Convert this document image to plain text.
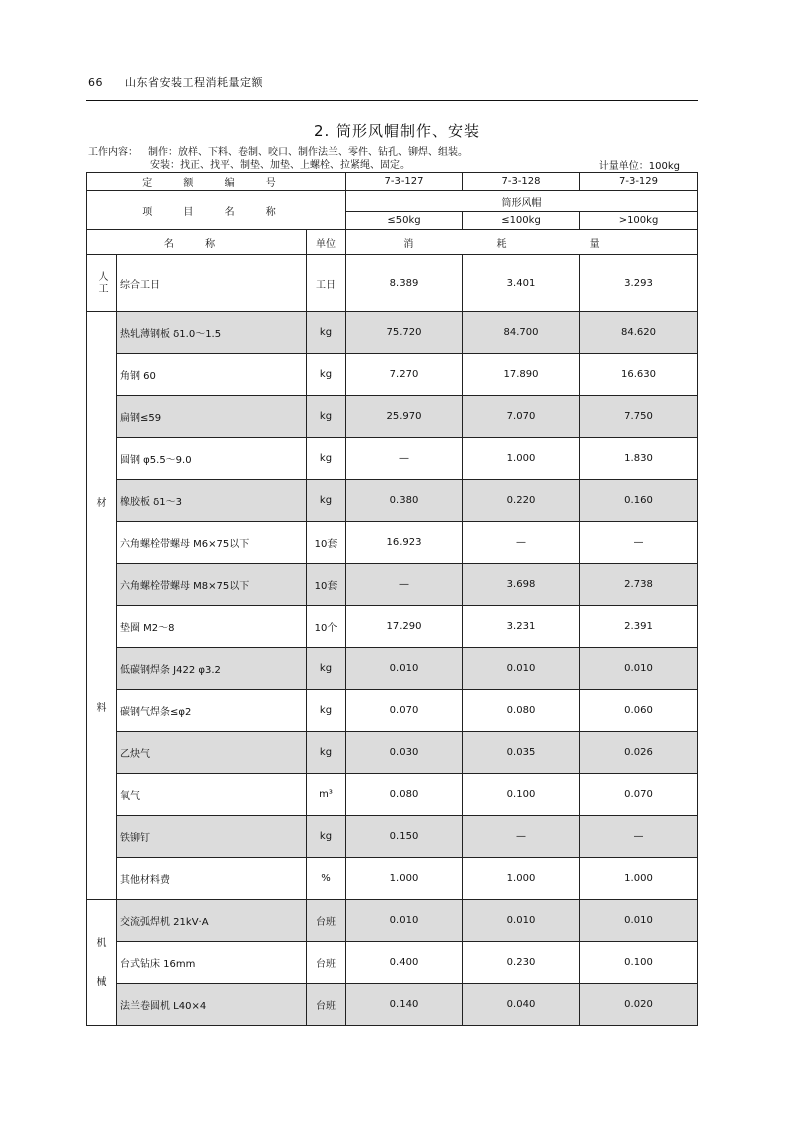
66 山东省安装工程消耗量定额
2. 筒形风帽制作、安装
工作内容： 制作：放样、下料、卷制、咬口、制作法兰、零件、钻孔、铆焊、组装。
安装：找正、找平、制垫、加垫、上螺栓、拉紧绳、固定。	计量单位：100kg
定 额 编 号			7-3-127	7-3-128	7-3-129
项 目 名 称			筒形风帽		
			≤50kg	≤100kg	>100kg
名 称		单位	消 耗 量		
人工	综合工日	工日	8.389	3.401	3.293

材
料	热轧薄钢板 δ1.0～1.5	kg	75.720	84.700	84.620
	角钢 60	kg	7.270	17.890	16.630
	扁钢≤59	kg	25.970	7.070	7.750
	圆钢 φ5.5～9.0	kg	—	1.000	1.830
	橡胶板 δ1～3	kg	0.380	0.220	0.160
	六角螺栓带螺母 M6×75以下	10套	16.923	—	—
	六角螺栓带螺母 M8×75以下	10套	—	3.698	2.738
	垫圈 M2～8	10个	17.290	3.231	2.391
	低碳钢焊条 J422 φ3.2	kg	0.010	0.010	0.010
	碳钢气焊条≤φ2	kg	0.070	0.080	0.060
	乙炔气	kg	0.030	0.035	0.026
	氧气	m³	0.080	0.100	0.070
	铁铆钉	kg	0.150	—	—
	其他材料费	%	1.000	1.000	1.000

机
械	交流弧焊机 21kV·A	台班	0.010	0.010	0.010
	台式钻床 16mm	台班	0.400	0.230	0.100
	法兰卷圆机 L40×4	台班	0.140	0.040	0.020
